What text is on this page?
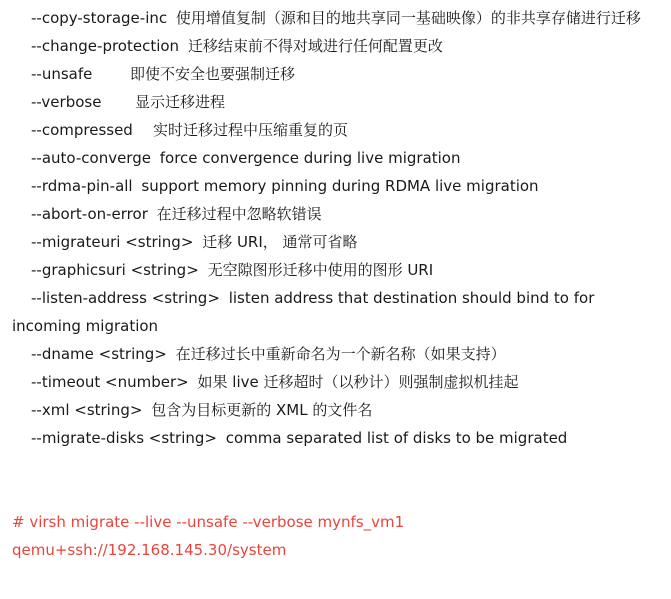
--copy-storage-inc 使用增值复制（源和目的地共享同一基础映像）的非共享存储进行迁移
--change-protection 迁移结束前不得对域进行任何配置更改
--unsafe	即使不安全也要强制迁移
--verbose 显示迁移进程
--compressed 实时迁移过程中压缩重复的页
--auto-converge force convergence during live migration
--rdma-pin-all support memory pinning during RDMA live migration
--abort-on-error 在迁移过程中忽略软错误
--migrateuri <string> 迁移 URI， 通常可省略
--graphicsuri <string> 无空隙图形迁移中使用的图形 URI
--listen-address <string> listen address that destination should bind to for incoming migration
--dname <string> 在迁移过长中重新命名为一个新名称（如果支持）
--timeout <number> 如果 live 迁移超时（以秒计）则强制虚拟机挂起
--xml <string> 包含为目标更新的 XML 的文件名
--migrate-disks <string> comma separated list of disks to be migrated
# virsh migrate --live --unsafe --verbose mynfs_vm1
qemu+ssh://192.168.145.30/system
